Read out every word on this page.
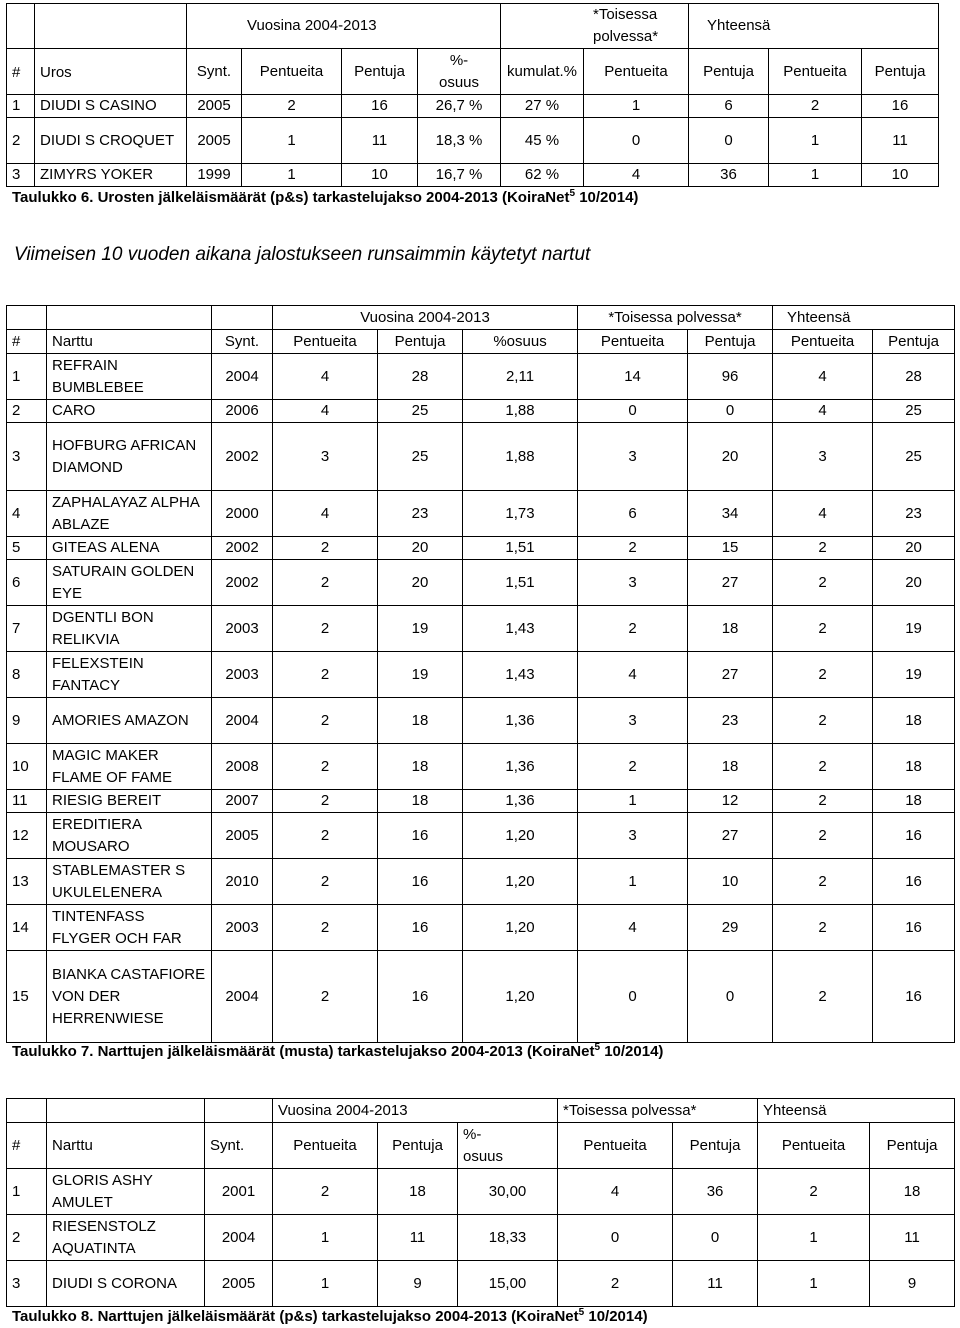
		Vuosina 2004-2013				*Toisessa polvessa*		Yhteensä		
#	Uros	Synt.	Pentueita	Pentuja	%-osuus	kumulat.%	Pentueita	Pentuja	Pentueita	Pentuja
1	DIUDI S CASINO	2005	2	16	26,7 %	27 %	1	6	2	16
2	DIUDI S CROQUET	2005	1	11	18,3 %	45 %	0	0	1	11
3	ZIMYRS YOKER	1999	1	10	16,7 %	62 %	4	36	1	10
Taulukko 6. Urosten jälkeläismäärät (p&s) tarkastelujakso 2004-2013 (KoiraNet$^5$ 10/2014)
Viimeisen 10 vuoden aikana jalostukseen runsaimmin käytetyt nartut
			Vuosina 2004-2013			*Toisessa polvessa*		Yhteensä	
#	Narttu	Synt.	Pentueita	Pentuja	%osuus	Pentueita	Pentuja	Pentueita	Pentuja
1	REFRAIN BUMBLEBEE	2004	4	28	2,11	14	96	4	28
2	CARO	2006	4	25	1,88	0	0	4	25
3	HOFBURG AFRICAN DIAMOND	2002	3	25	1,88	3	20	3	25
4	ZAPHALAYAZ ALPHA ABLAZE	2000	4	23	1,73	6	34	4	23
5	GITEAS ALENA	2002	2	20	1,51	2	15	2	20
6	SATURAIN GOLDEN EYE	2002	2	20	1,51	3	27	2	20
7	DGENTLI BON RELIKVIA	2003	2	19	1,43	2	18	2	19
8	FELEXSTEIN FANTACY	2003	2	19	1,43	4	27	2	19
9	AMORIES AMAZON	2004	2	18	1,36	3	23	2	18
10	MAGIC MAKER FLAME OF FAME	2008	2	18	1,36	2	18	2	18
11	RIESIG BEREIT	2007	2	18	1,36	1	12	2	18
12	EREDITIERA MOUSARO	2005	2	16	1,20	3	27	2	16
13	STABLEMASTER S UKULELENERA	2010	2	16	1,20	1	10	2	16
14	TINTENFASS FLYGER OCH FAR	2003	2	16	1,20	4	29	2	16
15	BIANKA CASTAFIORE VON DER HERRENWIESE	2004	2	16	1,20	0	0	2	16
Taulukko 7. Narttujen jälkeläismäärät (musta) tarkastelujakso 2004-2013 (KoiraNet$^5$ 10/2014)
			Vuosina 2004-2013			*Toisessa polvessa*		Yhteensä	
#	Narttu	Synt.	Pentueita	Pentuja	%-osuus	Pentueita	Pentuja	Pentueita	Pentuja
1	GLORIS ASHY AMULET	2001	2	18	30,00	4	36	2	18
2	RIESENSTOLZ AQUATINTA	2004	1	11	18,33	0	0	1	11
3	DIUDI S CORONA	2005	1	9	15,00	2	11	1	9
Taulukko 8. Narttujen jälkeläismäärät (p&s) tarkastelujakso 2004-2013 (KoiraNet$^5$ 10/2014)
